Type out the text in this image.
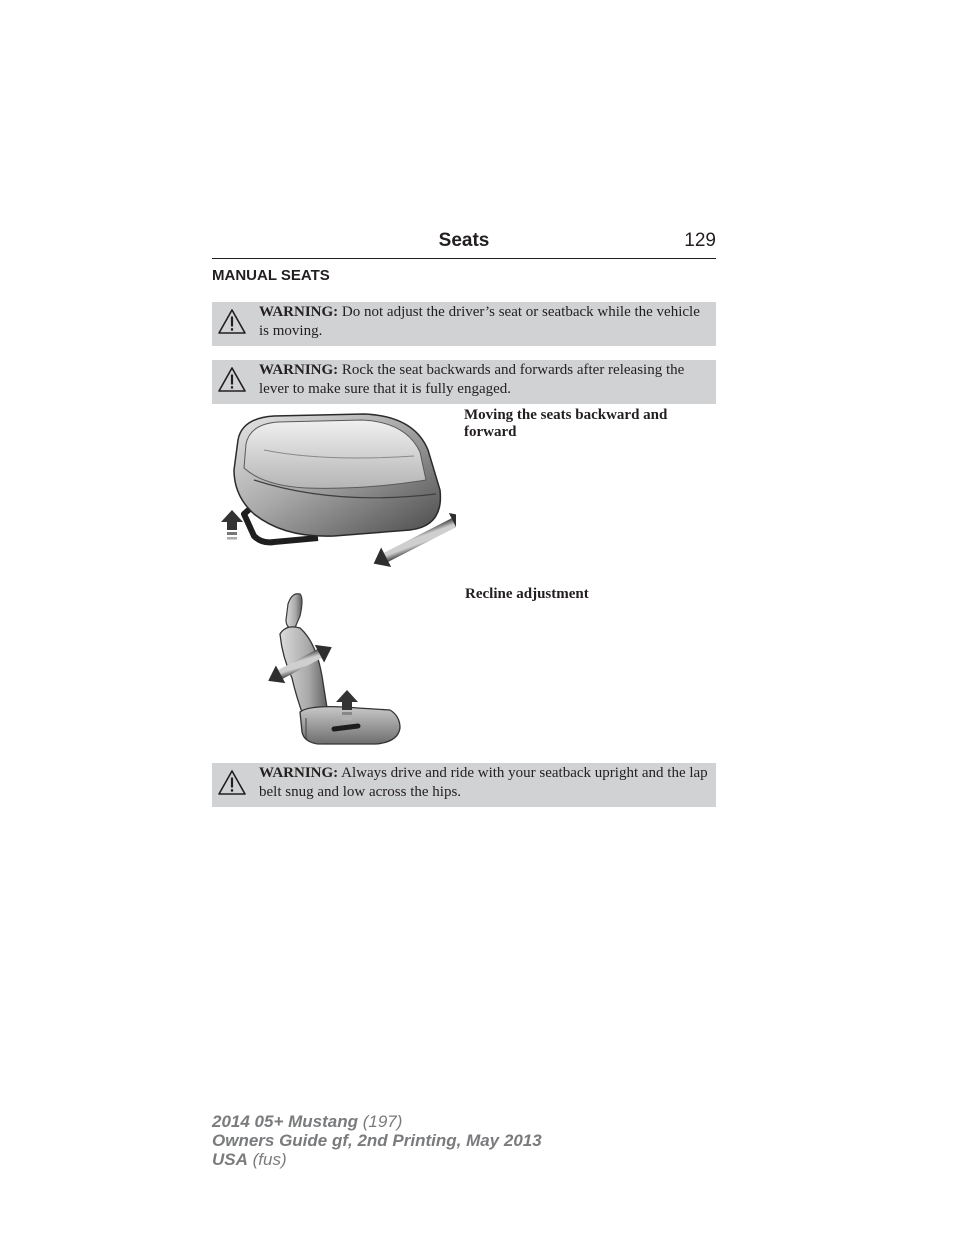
Seats	129
MANUAL SEATS
WARNING: Do not adjust the driver’s seat or seatback while the vehicle is moving.
WARNING: Rock the seat backwards and forwards after releasing the lever to make sure that it is fully engaged.
Moving the seats backward and forward
Recline adjustment
WARNING: Always drive and ride with your seatback upright and the lap belt snug and low across the hips.
2014 05+ Mustang (197)
Owners Guide gf, 2nd Printing, May 2013
USA (fus)
